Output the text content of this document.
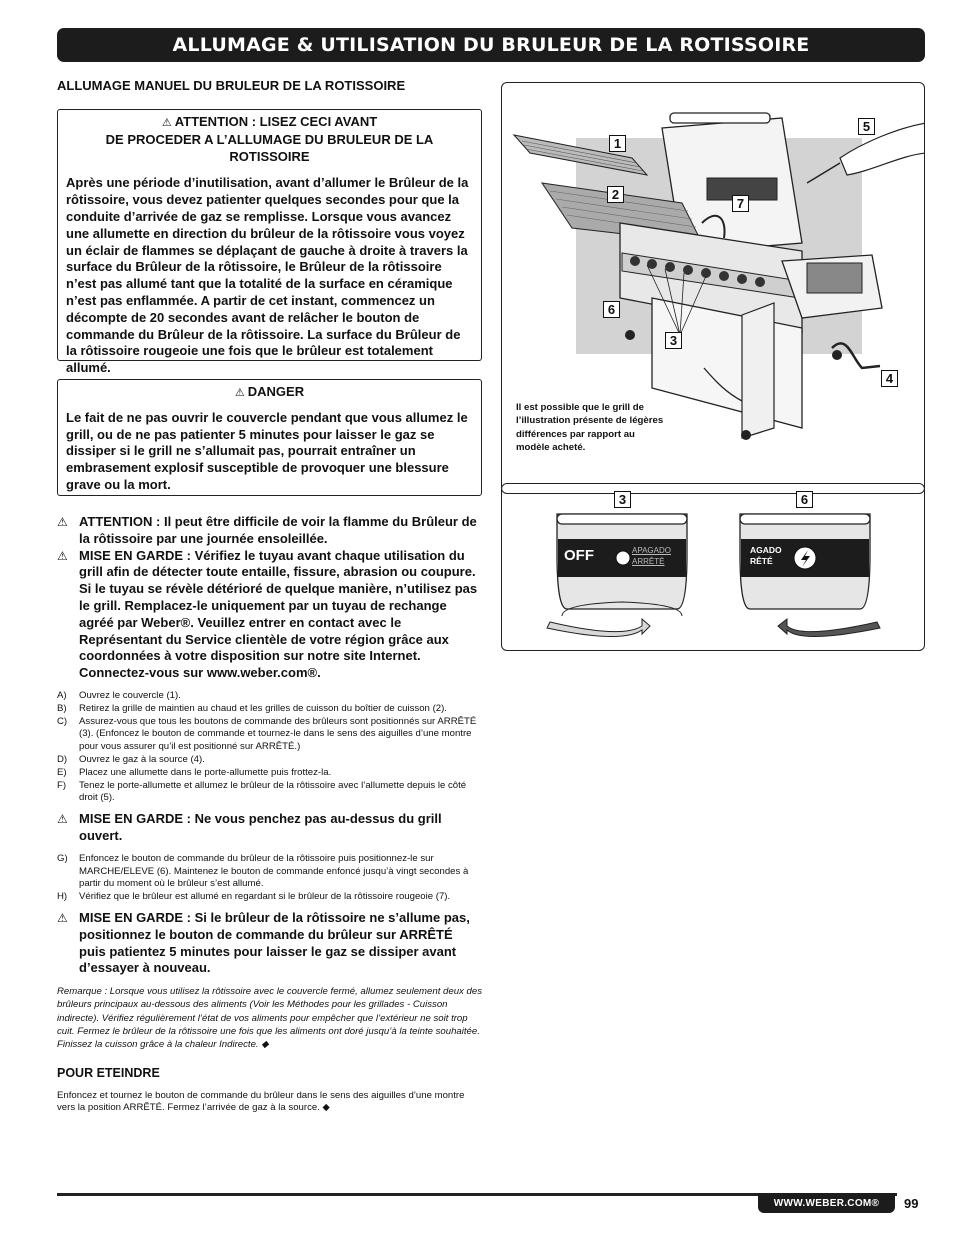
ALLUMAGE & UTILISATION DU BRULEUR DE LA ROTISSOIRE
ALLUMAGE MANUEL DU BRULEUR DE LA ROTISSOIRE
⚠ ATTENTION : LISEZ CECI AVANT
DE PROCEDER A L’ALLUMAGE DU BRULEUR DE LA ROTISSOIRE
Après une période d’inutilisation, avant d’allumer le Brûleur de la rôtissoire, vous devez patienter quelques secondes pour que la conduite d’arrivée de gaz se remplisse. Lorsque vous avancez une allumette en direction du brûleur de la rôtissoire vous voyez un éclair de flammes se déplaçant de gauche à droite à travers la surface du Brûleur de la rôtissoire, le Brûleur de la rôtissoire n’est pas allumé tant que la totalité de la surface en céramique n’est pas enflammée. A partir de cet instant, commencez un décompte de 20 secondes avant de relâcher le bouton de commande du Brûleur de la rôtissoire. La surface du Brûleur de la rôtissoire rougeoie une fois que le brûleur est totalement allumé.
⚠ DANGER
Le fait de ne pas ouvrir le couvercle pendant que vous allumez le grill, ou de ne pas patienter 5 minutes pour laisser le gaz se dissiper si le grill ne s’allumait pas, pourrait entraîner un embrasement explosif susceptible de provoquer une blessure grave ou la mort.
⚠ ATTENTION : Il peut être difficile de voir la flamme du Brûleur de la rôtissoire par une journée ensoleillée.
⚠ MISE EN GARDE : Vérifiez le tuyau avant chaque utilisation du grill afin de détecter toute entaille, fissure, abrasion ou coupure. Si le tuyau se révèle détérioré de quelque manière, n’utilisez pas le grill. Remplacez-le uniquement par un tuyau de rechange agréé par Weber®. Veuillez entrer en contact avec le Représentant du Service clientèle de votre région grâce aux coordonnées à votre disposition sur notre site Internet. Connectez-vous sur www.weber.com®.
A) Ouvrez le couvercle (1).
B) Retirez la grille de maintien au chaud et les grilles de cuisson du boîtier de cuisson (2).
C) Assurez-vous que tous les boutons de commande des brûleurs sont positionnés sur ARRÊTÉ (3). (Enfoncez le bouton de commande et tournez-le dans le sens des aiguilles d’une montre pour vous assurer qu’il est positionné sur ARRÊTÉ.)
D) Ouvrez le gaz à la source (4).
E) Placez une allumette dans le porte-allumette puis frottez-la.
F) Tenez le porte-allumette et allumez le brûleur de la rôtissoire avec l’allumette depuis le côté droit (5).
⚠ MISE EN GARDE : Ne vous penchez pas au-dessus du grill ouvert.
G) Enfoncez le bouton de commande du brûleur de la rôtissoire puis positionnez-le sur MARCHE/ELEVE (6). Maintenez le bouton de commande enfoncé jusqu’à vingt secondes à partir du moment où le brûleur s’est allumé.
H) Vérifiez que le brûleur est allumé en regardant si le brûleur de la rôtissoire rougeoie (7).
⚠ MISE EN GARDE : Si le brûleur de la rôtissoire ne s’allume pas, positionnez le bouton de commande du brûleur sur ARRÊTÉ puis patientez 5 minutes pour laisser le gaz se dissiper avant d’essayer à nouveau.
Remarque : Lorsque vous utilisez la rôtissoire avec le couvercle fermé, allumez seulement deux des brûleurs principaux au-dessous des aliments (Voir les Méthodes pour les grillades - Cuisson indirecte). Vérifiez régulièrement l’état de vos aliments pour empêcher que l’extérieur ne soit trop cuit. Fermez le brûleur de la rôtissoire une fois que les aliments ont doré jusqu’à la teinte souhaitée. Finissez la cuisson grâce à la chaleur Indirecte. ◆
POUR ETEINDRE
Enfoncez et tournez le bouton de commande du brûleur dans le sens des aiguilles d’une montre vers la position ARRÊTÉ. Fermez l’arrivée de gaz à la source. ◆
1
2
3
4
5
6
7
Il est possible que le grill de l’illustration présente de légères différences par rapport au modèle acheté.
3	6
OFF	APAGADO
ARRÊTÉ
AGADO
RÊTÉ
WWW.WEBER.COM®	99
